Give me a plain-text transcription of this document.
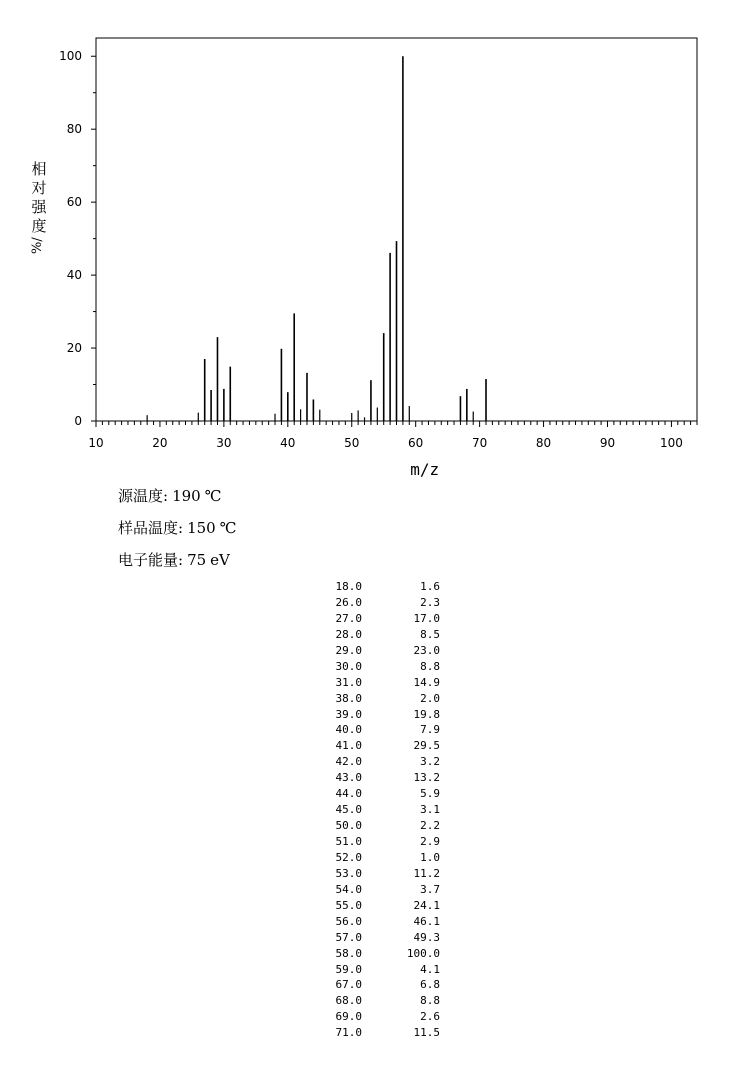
10	20	30	40	50	60	70	80	90	100
0
20
40
60
80
100
m/z
相对强度
%/
源温度: 190 ℃
样品温度: 150 ℃
电子能量: 75 eV
18.0	1.6
26.0	2.3
27.0	17.0
28.0	8.5
29.0	23.0
30.0	8.8
31.0	14.9
38.0	2.0
39.0	19.8
40.0	7.9
41.0	29.5
42.0	3.2
43.0	13.2
44.0	5.9
45.0	3.1
50.0	2.2
51.0	2.9
52.0	1.0
53.0	11.2
54.0	3.7
55.0	24.1
56.0	46.1
57.0	49.3
58.0	100.0
59.0	4.1
67.0	6.8
68.0	8.8
69.0	2.6
71.0	11.5
